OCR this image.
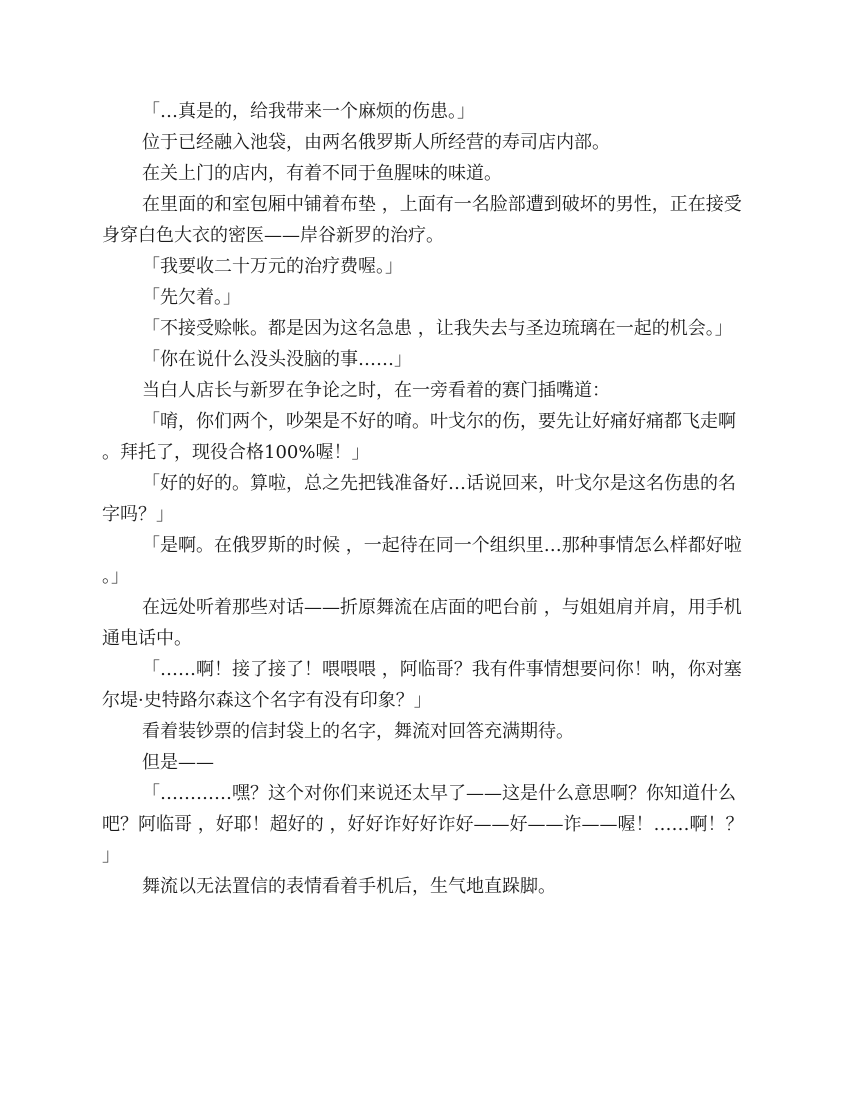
「…真是的，给我带来一个麻烦的伤患。」

位于已经融入池袋，由两名俄罗斯人所经营的寿司店内部。

在关上门的店内，有着不同于鱼腥味的味道。

在里面的和室包厢中铺着布垫 ，上面有一名脸部遭到破坏的男性，正在接受身穿白色大衣的密医——岸谷新罗的治疗。

「我要收二十万元的治疗费喔。」

「先欠着。」

「不接受赊帐。都是因为这名急患 ，让我失去与圣边琉璃在一起的机会。」

「你在说什么没头没脑的事……」

当白人店长与新罗在争论之时，在一旁看着的赛门插嘴道：

「唷，你们两个，吵架是不好的唷。叶戈尔的伤，要先让好痛好痛都飞走啊。拜托了，现役合格100%喔！」

「好的好的。算啦，总之先把钱准备好…话说回来，叶戈尔是这名伤患的名字吗？」

「是啊。在俄罗斯的时候 ，一起待在同一个组织里…那种事情怎么样都好啦。」

在远处听着那些对话——折原舞流在店面的吧台前 ，与姐姐肩并肩，用手机通电话中。

「……啊！接了接了！喂喂喂 ，阿临哥？我有件事情想要问你！呐，你对塞尔堤·史特路尔森这个名字有没有印象？」

看着装钞票的信封袋上的名字，舞流对回答充满期待。

但是——

「…………嘿？这个对你们来说还太早了——这是什么意思啊？你知道什么吧？阿临哥 ，好耶！超好的 ，好好诈好好诈好——好——诈——喔！……啊！？」

舞流以无法置信的表情看着手机后，生气地直跺脚。
